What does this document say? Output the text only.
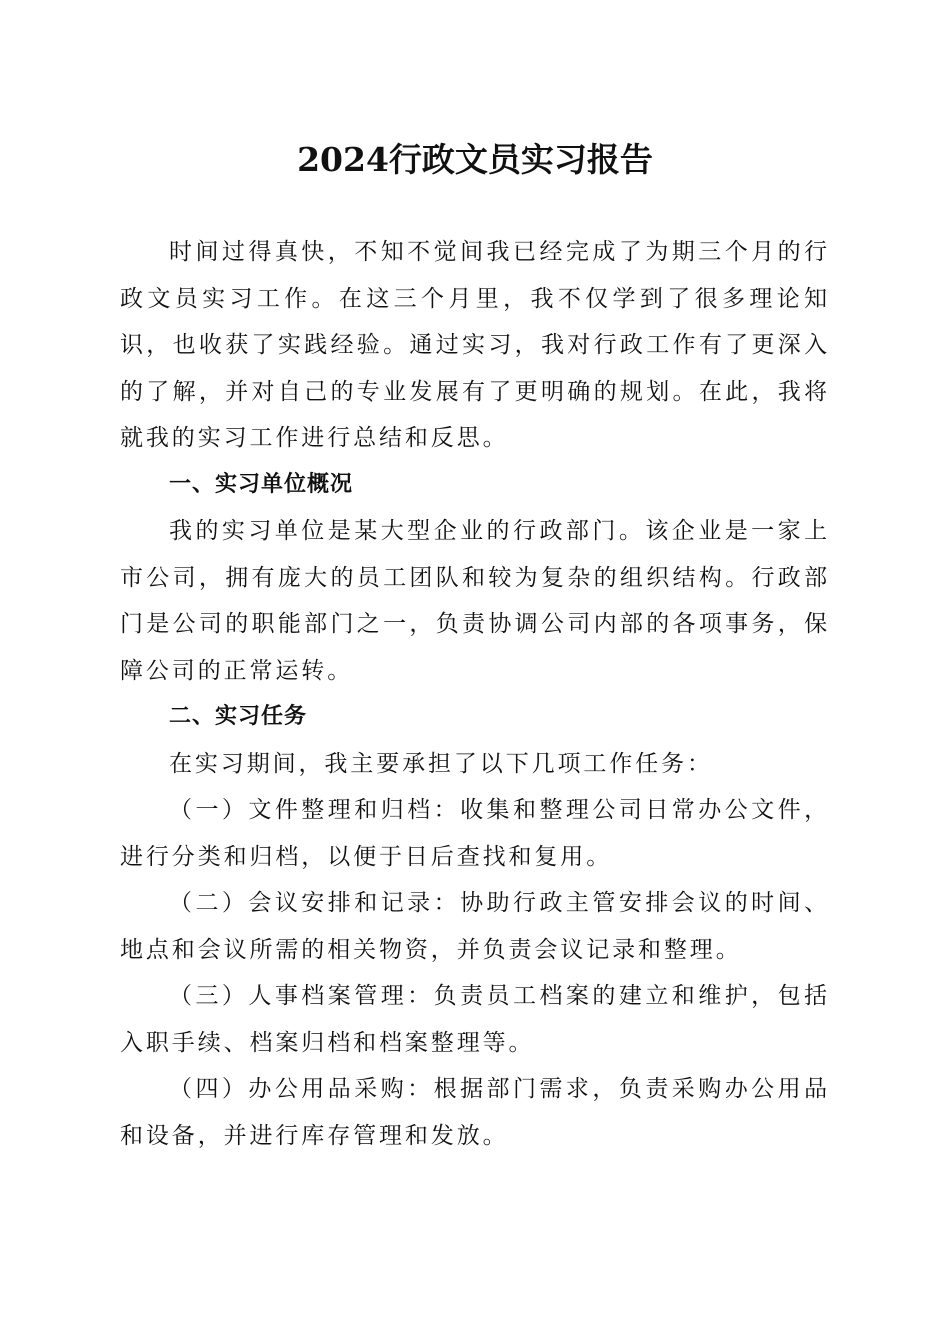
2024行政文员实习报告

时间过得真快，不知不觉间我已经完成了为期三个月的行政文员实习工作。在这三个月里，我不仅学到了很多理论知识，也收获了实践经验。通过实习，我对行政工作有了更深入的了解，并对自己的专业发展有了更明确的规划。在此，我将就我的实习工作进行总结和反思。

一、实习单位概况

我的实习单位是某大型企业的行政部门。该企业是一家上市公司，拥有庞大的员工团队和较为复杂的组织结构。行政部门是公司的职能部门之一，负责协调公司内部的各项事务，保障公司的正常运转。

二、实习任务

在实习期间，我主要承担了以下几项工作任务：

（一）文件整理和归档：收集和整理公司日常办公文件，进行分类和归档，以便于日后查找和复用。

（二）会议安排和记录：协助行政主管安排会议的时间、地点和会议所需的相关物资，并负责会议记录和整理。

（三）人事档案管理：负责员工档案的建立和维护，包括入职手续、档案归档和档案整理等。

（四）办公用品采购：根据部门需求，负责采购办公用品和设备，并进行库存管理和发放。
